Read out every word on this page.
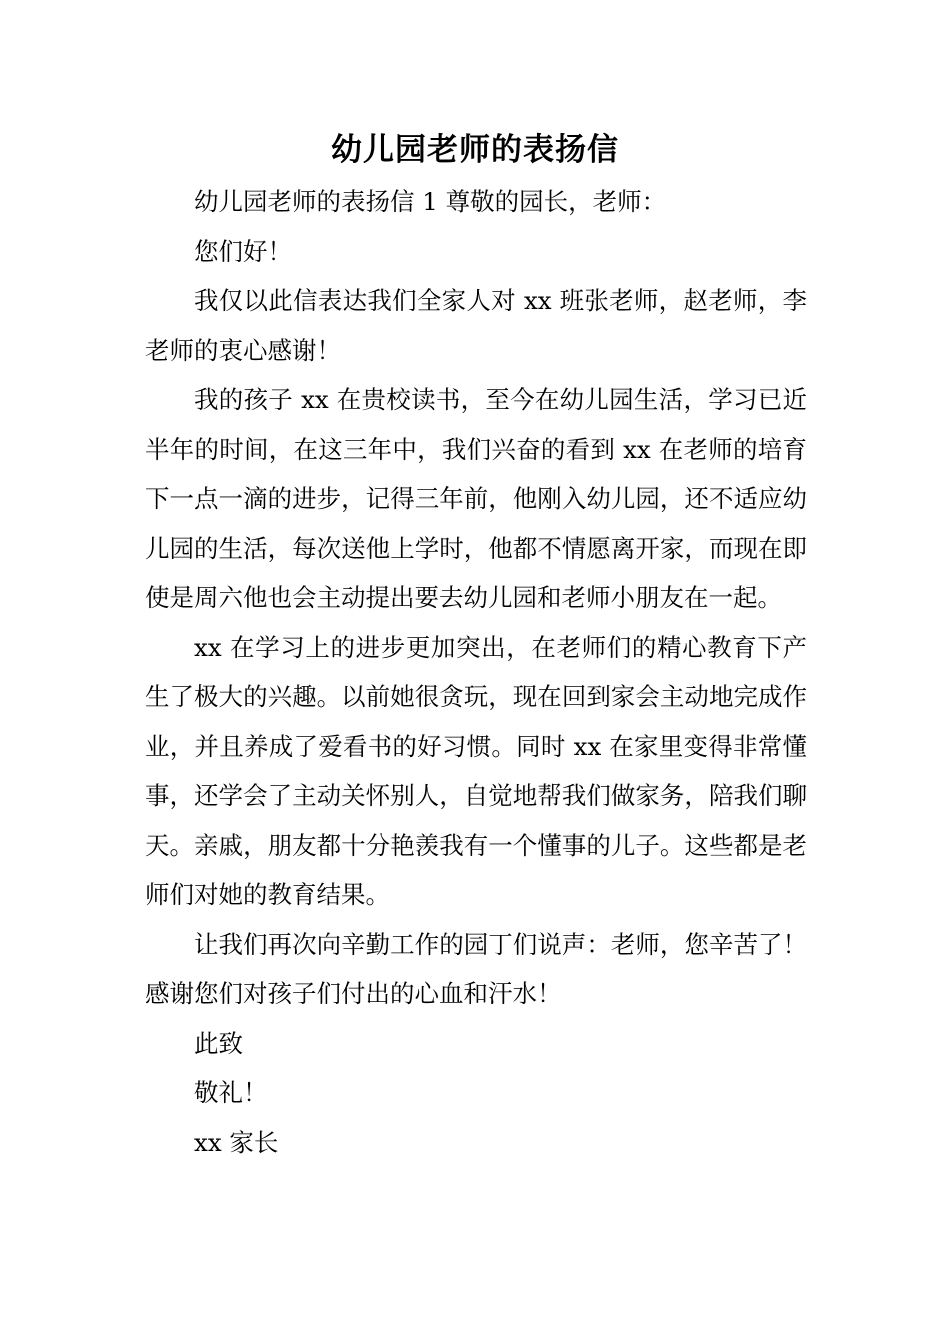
幼儿园老师的表扬信

幼儿园老师的表扬信 1 尊敬的园长，老师：

您们好！

我仅以此信表达我们全家人对 xx 班张老师，赵老师，李老师的衷心感谢！

我的孩子 xx 在贵校读书，至今在幼儿园生活，学习已近半年的时间，在这三年中，我们兴奋的看到 xx 在老师的培育下一点一滴的进步，记得三年前，他刚入幼儿园，还不适应幼儿园的生活，每次送他上学时，他都不情愿离开家，而现在即使是周六他也会主动提出要去幼儿园和老师小朋友在一起。

xx 在学习上的进步更加突出，在老师们的精心教育下产生了极大的兴趣。以前她很贪玩，现在回到家会主动地完成作业，并且养成了爱看书的好习惯。同时 xx 在家里变得非常懂事，还学会了主动关怀别人，自觉地帮我们做家务，陪我们聊天。亲戚，朋友都十分艳羡我有一个懂事的儿子。这些都是老师们对她的教育结果。

让我们再次向辛勤工作的园丁们说声：老师，您辛苦了！感谢您们对孩子们付出的心血和汗水！

此致

敬礼！

xx 家长
